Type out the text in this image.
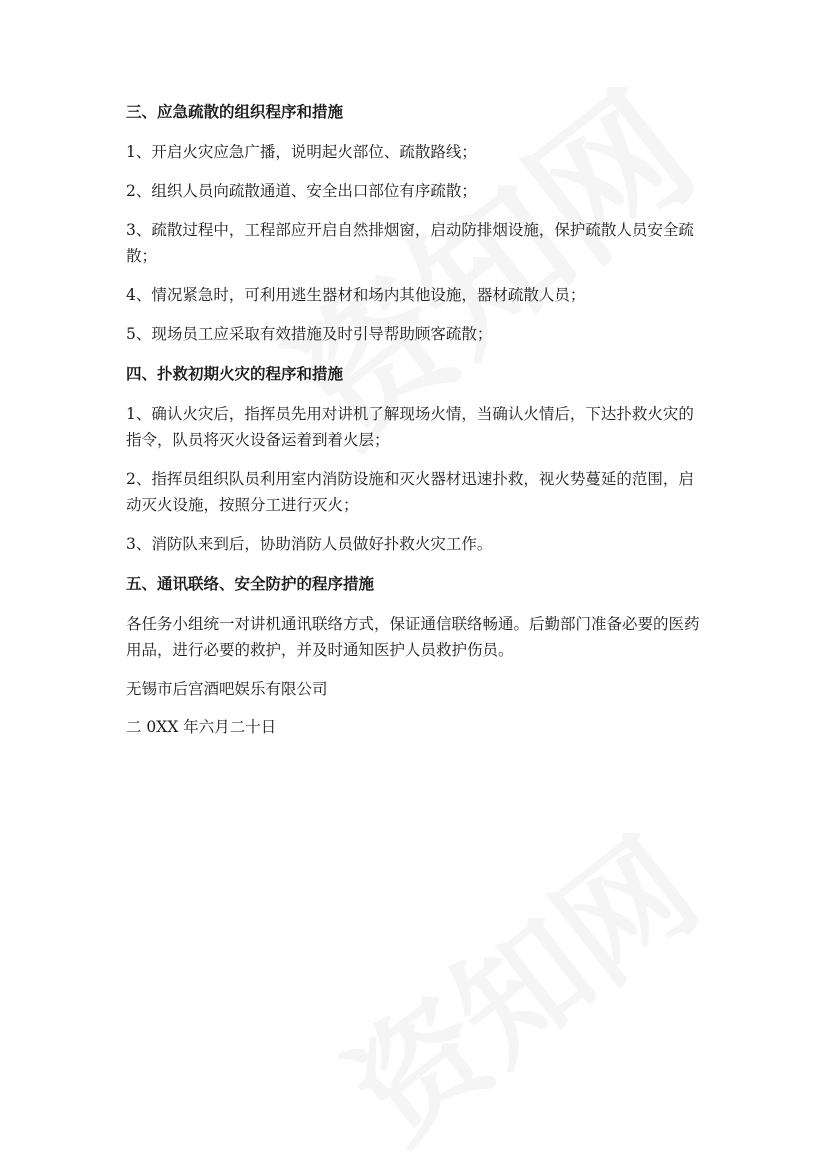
三、应急疏散的组织程序和措施

1、开启火灾应急广播，说明起火部位、疏散路线；

2、组织人员向疏散通道、安全出口部位有序疏散；

3、疏散过程中，工程部应开启自然排烟窗，启动防排烟设施，保护疏散人员安全疏散；

4、情况紧急时，可利用逃生器材和场内其他设施，器材疏散人员；

5、现场员工应采取有效措施及时引导帮助顾客疏散；

四、扑救初期火灾的程序和措施

1、确认火灾后，指挥员先用对讲机了解现场火情，当确认火情后，下达扑救火灾的指令，队员将灭火设备运着到着火层；

2、指挥员组织队员利用室内消防设施和灭火器材迅速扑救，视火势蔓延的范围，启动灭火设施，按照分工进行灭火；

3、消防队来到后，协助消防人员做好扑救火灾工作。

五、通讯联络、安全防护的程序措施

各任务小组统一对讲机通讯联络方式，保证通信联络畅通。后勤部门准备必要的医药用品，进行必要的救护，并及时通知医护人员救护伤员。

无锡市后宫酒吧娱乐有限公司

二 0XX 年六月二十日
